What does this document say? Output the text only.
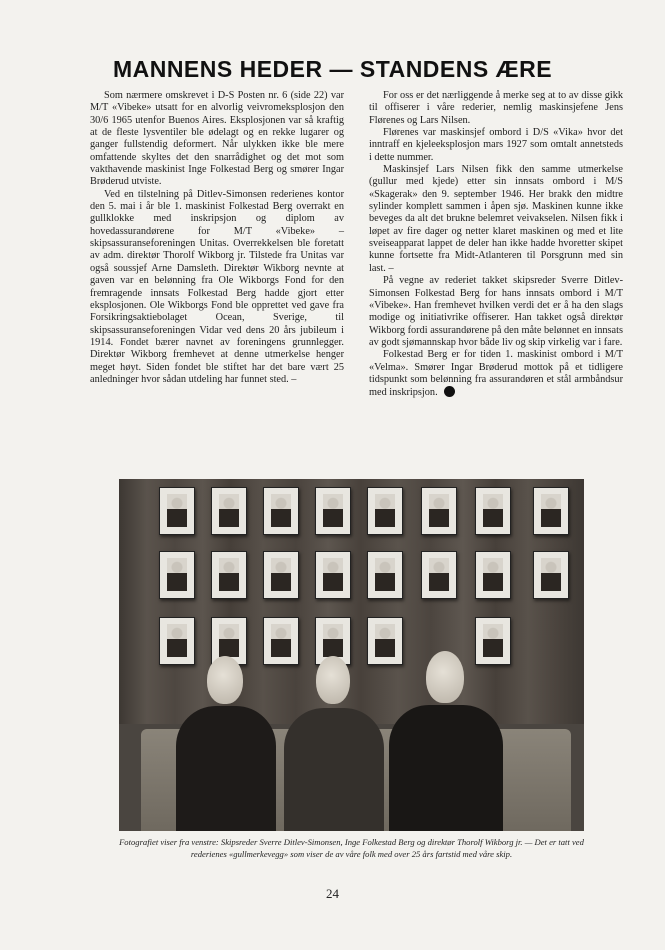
MANNENS HEDER — STANDENS ÆRE

Som nærmere omskrevet i D-S Posten nr. 6 (side 22) var M/T «Vibeke» utsatt for en alvorlig veivromeksplosjon den 30/6 1965 utenfor Buenos Aires. Eksplosjonen var så kraftig at de fleste lysventiler ble ødelagt og en rekke lugarer og ganger fullstendig deformert. Når ulykken ikke ble mere omfattende skyltes det den snarrådighet og det mot som vakthavende maskinist Inge Folkestad Berg og smører Ingar Brøderud utviste.

Ved en tilstelning på Ditlev-Simonsen rederienes kontor den 5. mai i år ble 1. maskinist Folkestad Berg overrakt en gullklokke med inskripsjon og diplom av hovedassurandørene for M/T «Vibeke» – skipsassuranseforeningen Unitas. Overrekkelsen ble foretatt av adm. direktør Thorolf Wikborg jr. Tilstede fra Unitas var også soussjef Arne Damsleth. Direktør Wikborg nevnte at gaven var en belønning fra Ole Wikborgs Fond for den fremragende innsats Folkestad Berg hadde gjort etter eksplosjonen. Ole Wikborgs Fond ble opprettet ved gave fra Forsikringsaktiebolaget Ocean, Sverige, til skipsassuranseforeningen Vidar ved dens 20 års jubileum i 1914. Fondet bærer navnet av foreningens grunnlegger. Direktør Wikborg fremhevet at denne utmerkelse henger meget høyt. Siden fondet ble stiftet har det bare vært 25 anledninger hvor sådan utdeling har funnet sted. –

For oss er det nærliggende å merke seg at to av disse gikk til offiserer i våre rederier, nemlig maskinsjefene Jens Flørenes og Lars Nilsen.

Flørenes var maskinsjef ombord i D/S «Vika» hvor det inntraff en kjeleeksplosjon mars 1927 som omtalt annetsteds i dette nummer.

Maskinsjef Lars Nilsen fikk den samme utmerkelse (gullur med kjede) etter sin innsats ombord i M/S «Skagerak» den 9. september 1946. Her brakk den midtre sylinder komplett sammen i åpen sjø. Maskinen kunne ikke beveges da alt det brukne belemret veivakselen. Nilsen fikk i løpet av fire dager og netter klaret maskinen og med et lite sveiseapparat lappet de deler han ikke hadde hvoretter skipet kunne fortsette fra Midt-Atlanteren til Porsgrunn med sin last. –

På vegne av rederiet takket skipsreder Sverre Ditlev-Simonsen Folkestad Berg for hans innsats ombord i M/T «Vibeke». Han fremhevet hvilken verdi det er å ha den slags modige og initiativrike offiserer. Han takket også direktør Wikborg fordi assurandørene på den måte belønnet en innsats av godt sjømannskap hvor både liv og skip virkelig var i fare.

Folkestad Berg er for tiden 1. maskinist ombord i M/T «Velma». Smører Ingar Brøderud mottok på et tidligere tidspunkt som belønning fra assurandøren et stål armbåndsur med inskripsjon.

Fotografiet viser fra venstre: Skipsreder Sverre Ditlev-Simonsen, Inge Folkestad Berg og direktør Thorolf Wikborg jr. — Det er tatt ved rederienes «gullmerkevegg» som viser de av våre folk med over 25 års fartstid med våre skip.
24
